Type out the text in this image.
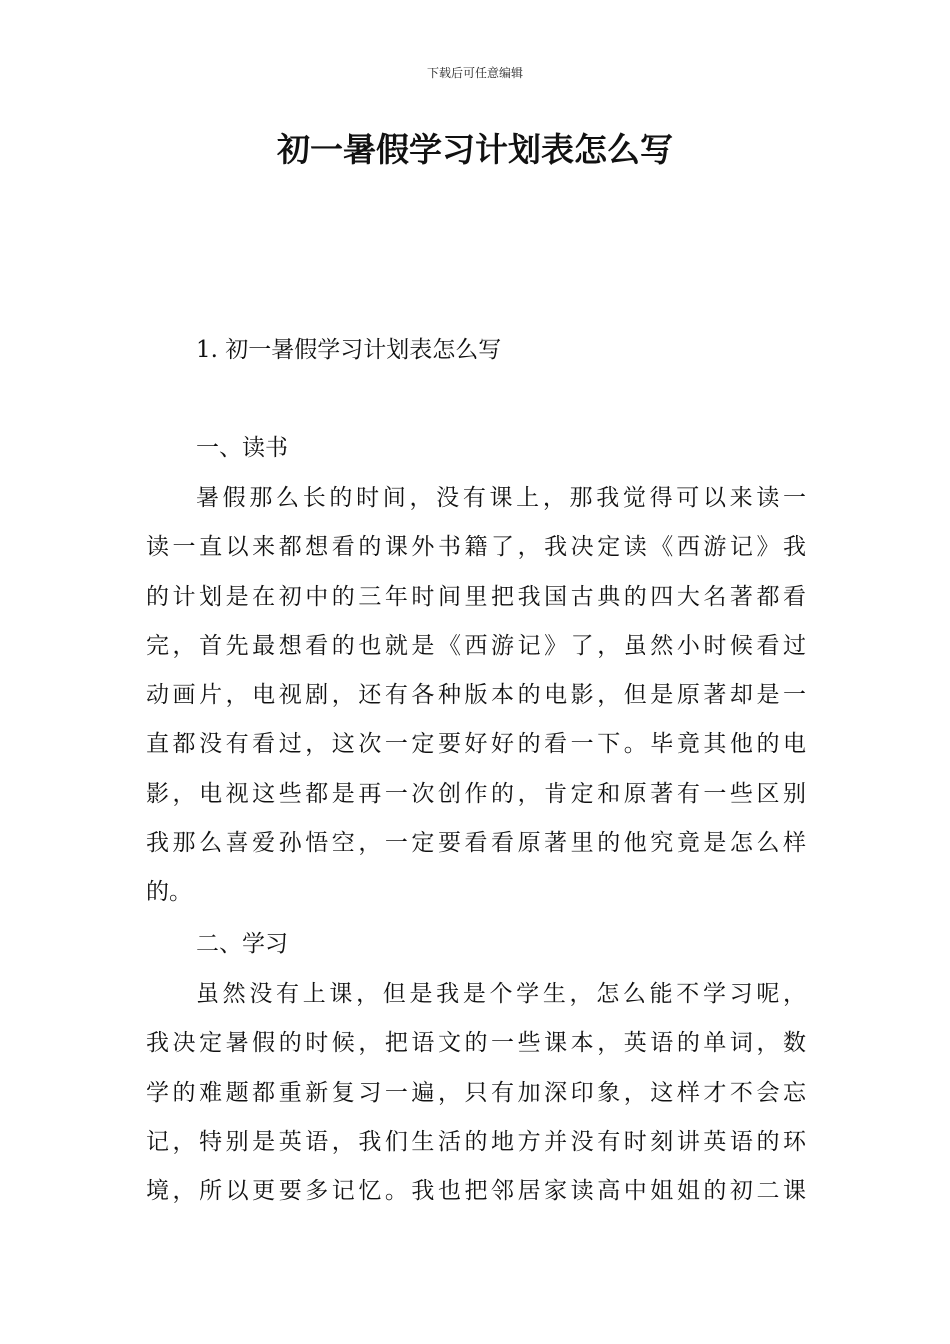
下载后可任意编辑
初一暑假学习计划表怎么写
1. 初一暑假学习计划表怎么写
一、读书
暑假那么长的时间，没有课上，那我觉得可以来读一
读一直以来都想看的课外书籍了，我决定读《西游记》我
的计划是在初中的三年时间里把我国古典的四大名著都看
完，首先最想看的也就是《西游记》了，虽然小时候看过
动画片，电视剧，还有各种版本的电影，但是原著却是一
直都没有看过，这次一定要好好的看一下。毕竟其他的电
影，电视这些都是再一次创作的，肯定和原著有一些区别
我那么喜爱孙悟空，一定要看看原著里的他究竟是怎么样
的。
二、学习
虽然没有上课，但是我是个学生，怎么能不学习呢，
我决定暑假的时候，把语文的一些课本，英语的单词，数
学的难题都重新复习一遍，只有加深印象，这样才不会忘
记，特别是英语，我们生活的地方并没有时刻讲英语的环
境，所以更要多记忆。我也把邻居家读高中姐姐的初二课
